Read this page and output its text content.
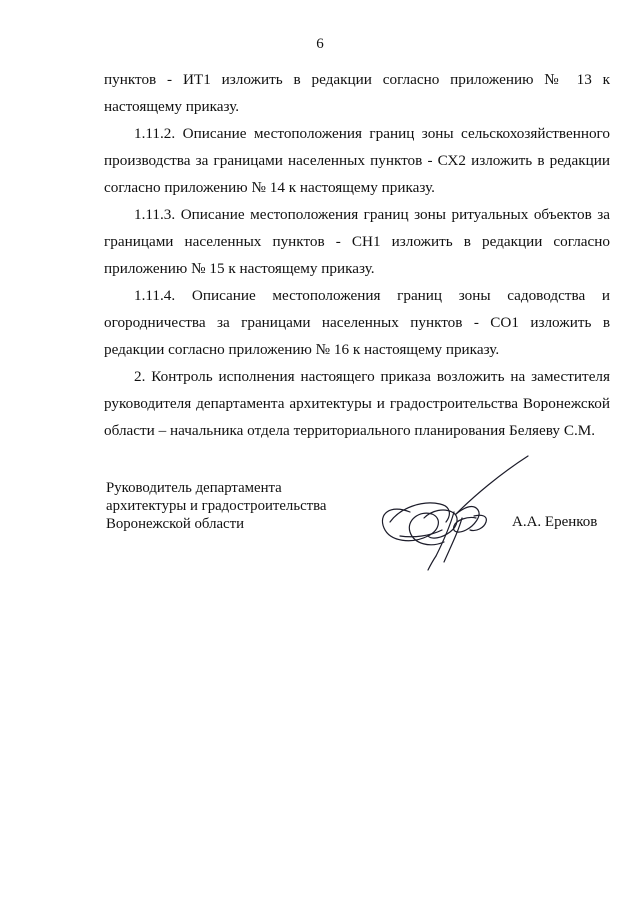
6

пунктов - ИТ1 изложить в редакции согласно приложению № 13 к настоящему приказу.

1.11.2. Описание местоположения границ зоны сельскохозяйственного производства за границами населенных пунктов - СХ2 изложить в редакции согласно приложению № 14 к настоящему приказу.

1.11.3. Описание местоположения границ зоны ритуальных объектов за границами населенных пунктов - СН1 изложить в редакции согласно приложению № 15 к настоящему приказу.

1.11.4. Описание местоположения границ зоны садоводства и огородничества за границами населенных пунктов - СО1 изложить в редакции согласно приложению № 16 к настоящему приказу.

2. Контроль исполнения настоящего приказа возложить на заместителя руководителя департамента архитектуры и градостроительства Воронежской области – начальника отдела территориального планирования Беляеву С.М.

Руководитель департамента
архитектуры и градостроительства
Воронежской области	А.А. Еренков
